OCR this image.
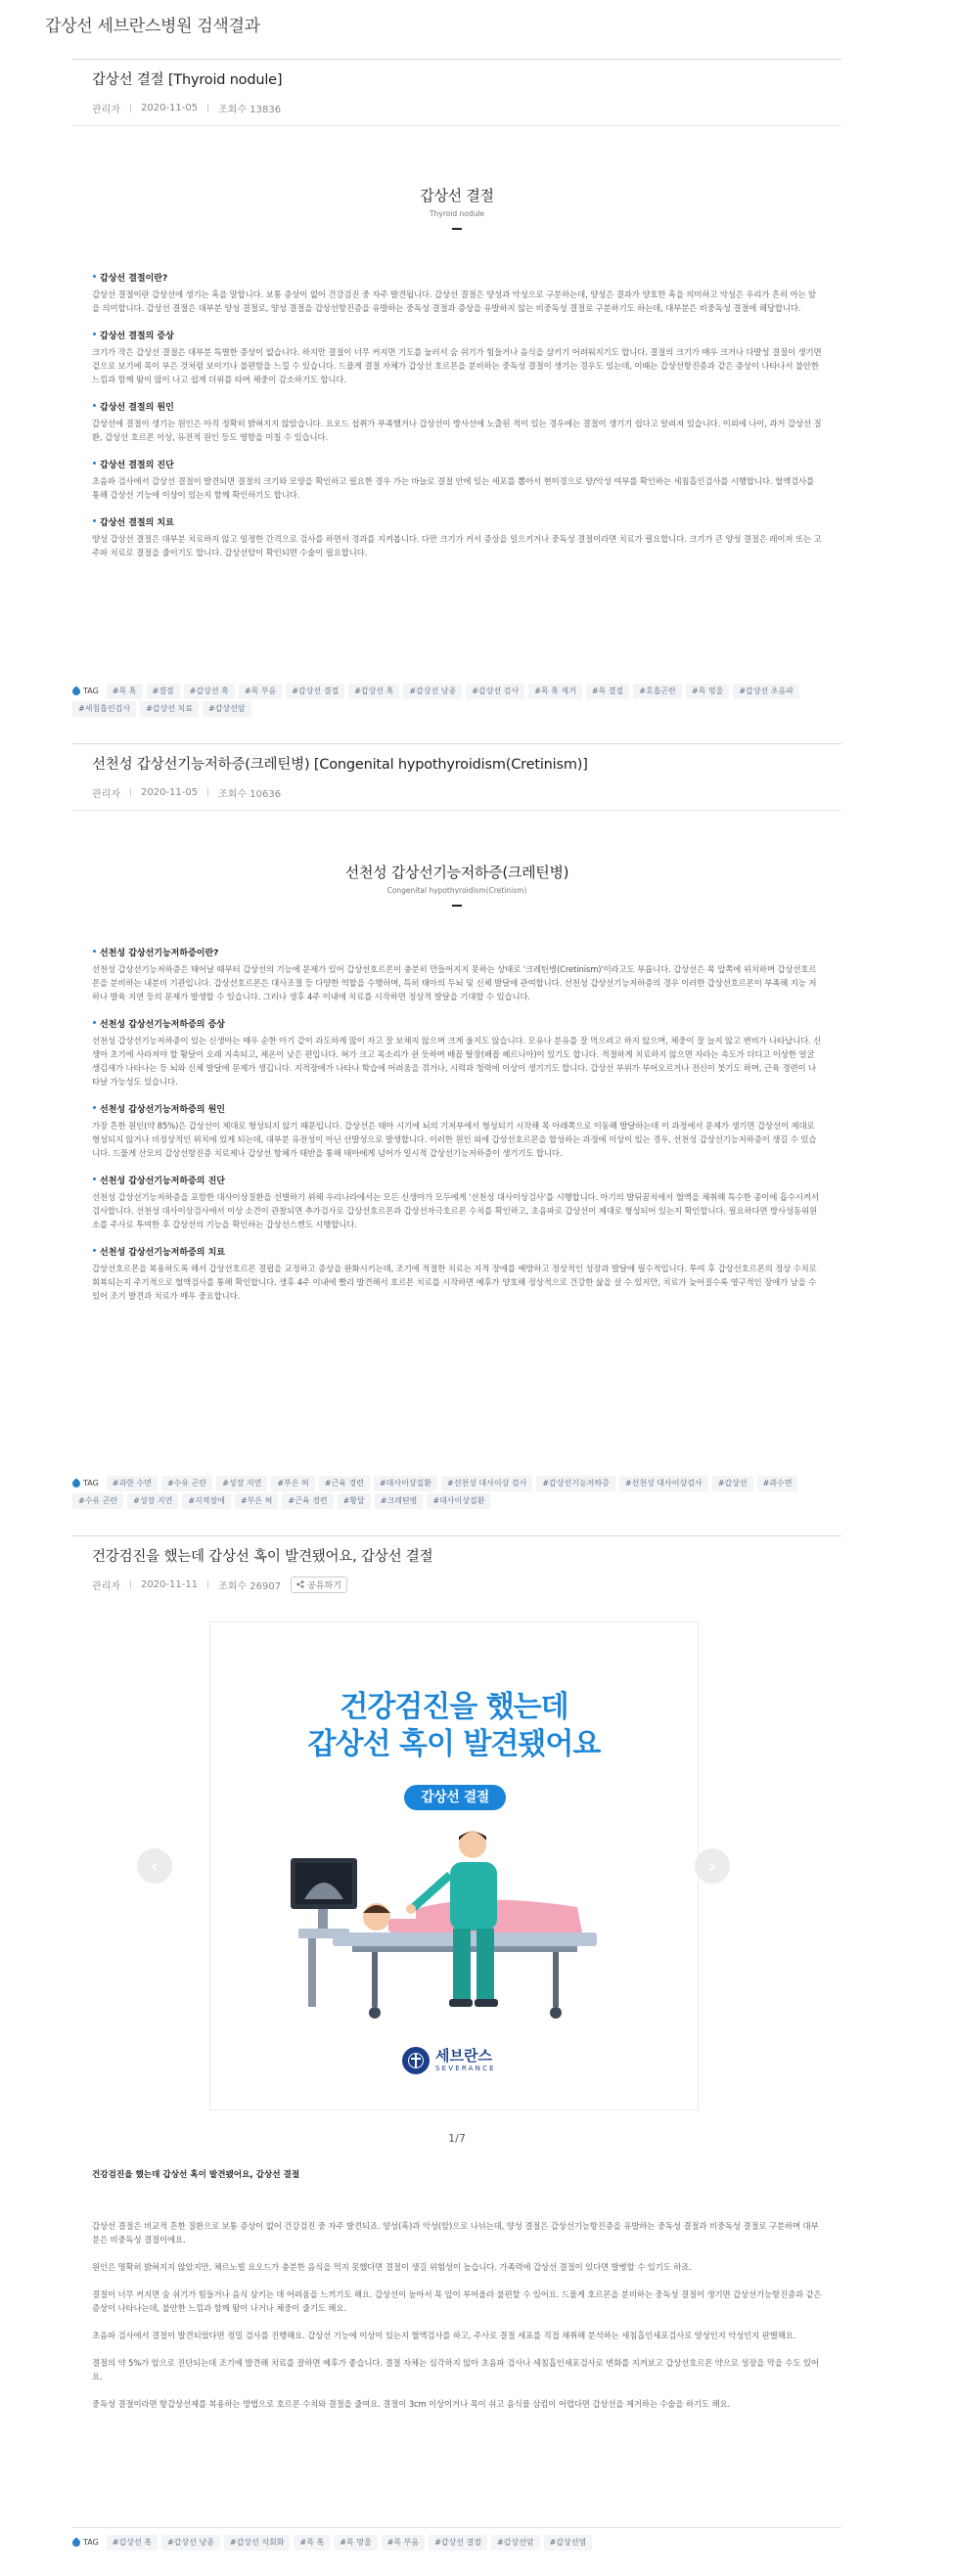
갑상선 세브란스병원 검색결과
갑상선 결절 [Thyroid nodule]
관리자 2020-11-05 조회수 13836
갑상선 결절
Thyroid nodule
갑상선 결절이란?
갑상선 결절이란 갑상선에 생기는 혹을 말합니다. 보통 증상이 없어 건강검진 중 자주 발견됩니다. 갑상선 결절은 양성과 악성으로 구분하는데, 양성은 결과가 양호한 혹을 의미하고 악성은 우리가 흔히 아는 암을 의미합니다. 갑상선 결절은 대부분 양성 결절로, 양성 결절을 갑상선항진증을 유발하는 중독성 결절과 증상을 유발하지 않는 비중독성 결절로 구분하기도 하는데, 대부분은 비중독성 결절에 해당합니다.
갑상선 결절의 증상
크기가 작은 갑상선 결절은 대부분 특별한 증상이 없습니다. 하지만 결절이 너무 커지면 기도를 눌러서 숨 쉬기가 힘들거나 음식을 삼키기 어려워지기도 합니다. 결절의 크기가 매우 크거나 다발성 결절이 생기면 겉으로 보기에 목이 부은 것처럼 보이기나 불편함을 느낄 수 있습니다. 드물게 결절 자체가 갑상선 호르몬을 분비하는 중독성 결절이 생기는 경우도 있는데, 이때는 갑상선항진증과 같은 증상이 나타나서 불안한 느낌과 함께 땀이 많이 나고 쉽게 더위를 타며 체중이 감소하기도 합니다.
갑상선 결절의 원인
갑상선에 결절이 생기는 원인은 아직 정확히 밝혀지지 않았습니다. 요오드 섭취가 부족했거나 갑상선이 방사선에 노출된 적이 있는 경우에는 결절이 생기기 쉽다고 알려져 있습니다. 이외에 나이, 과거 갑상선 질환, 갑상선 호르몬 이상, 유전적 원인 등도 영향을 미칠 수 있습니다.
갑상선 결절의 진단
초음파 검사에서 갑상선 결절이 발견되면 결절의 크기와 모양을 확인하고 필요한 경우 가는 바늘로 결절 안에 있는 세포를 뽑아서 현미경으로 양/악성 여부를 확인하는 세침흡인검사를 시행합니다. 혈액검사를 통해 갑상선 기능에 이상이 있는지 함께 확인하기도 합니다.
갑상선 결절의 치료
양성 갑상선 결절은 대부분 치료하지 않고 일정한 간격으로 검사를 하면서 경과를 지켜봅니다. 다만 크기가 커서 증상을 일으키거나 중독성 결절이라면 치료가 필요합니다. 크기가 큰 양성 결절은 레이저 또는 고주파 치료로 결절을 줄이기도 합니다. 갑상선암이 확인되면 수술이 필요합니다.
TAG	#목 혹	#결절	#갑상선 혹	#목 부음	#갑상선 결절	#갑상선 혹	#갑상선 낭종	#갑상선 검사	#목 혹 제거	#목 결절	#호흡곤란	#목 멍울	#갑상선 초음파
#세침흡인검사	#갑상선 치료	#갑상선암
선천성 갑상선기능저하증(크레틴병) [Congenital hypothyroidism(Cretinism)]
관리자 2020-11-05 조회수 10636
선천성 갑상선기능저하증(크레틴병)
Congenital hypothyroidism(Cretinism)
선천성 갑상선기능저하증이란?
선천성 갑상선기능저하증은 태어날 때부터 갑상선의 기능에 문제가 있어 갑상선호르몬이 충분히 만들어지지 못하는 상태로 '크레틴병(Cretinism)'이라고도 부릅니다. 갑상선은 목 앞쪽에 위치하며 갑상선호르몬을 분비하는 내분비 기관입니다. 갑상선호르몬은 대사조절 등 다양한 역할을 수행하며, 특히 태아의 두뇌 및 신체 발달에 관여합니다. 선천성 갑상선기능저하증의 경우 이러한 갑상선호르몬이 부족해 지능 저하나 발육 지연 등의 문제가 발생할 수 있습니다. 그러나 생후 4주 이내에 치료를 시작하면 정상적 발달을 기대할 수 있습니다.
선천성 갑상선기능저하증의 증상
선천성 갑상선기능저하증이 있는 신생아는 매우 순한 아기 같이 과도하게 많이 자고 잘 보채지 않으며 크게 울지도 않습니다. 모유나 분유를 잘 먹으려고 하지 않으며, 체중이 잘 늘지 않고 변비가 나타납니다. 신생아 초기에 사라져야 할 황달이 오래 지속되고, 체온이 낮은 편입니다. 혀가 크고 목소리가 쉰 듯하며 배꼽 탈장(배꼽 헤르니아)이 있기도 합니다. 적절하게 치료하지 않으면 자라는 속도가 더디고 이상한 얼굴 생김새가 나타나는 등 뇌와 신체 발달에 문제가 생깁니다. 지적장애가 나타나 학습에 어려움을 겪거나, 시력과 청력에 이상이 생기기도 합니다. 갑상선 부위가 부어오르거나 전신이 붓기도 하며, 근육 경련이 나타날 가능성도 있습니다.
선천성 갑상선기능저하증의 원인
가장 흔한 원인(약 85%)은 갑상선이 제대로 형성되지 않기 때문입니다. 갑상선은 태아 시기에 뇌의 기저부에서 형성되기 시작해 목 아래쪽으로 이동해 발달하는데 이 과정에서 문제가 생기면 갑상선이 제대로 형성되지 않거나 비정상적인 위치에 있게 되는데, 대부분 유전성이 아닌 산발성으로 발생합니다. 이러한 원인 외에 갑상선호르몬을 합성하는 과정에 이상이 있는 경우, 선천성 갑상선기능저하증이 생길 수 있습니다. 드물게 산모의 갑상선항진증 치료제나 갑상선 항체가 태반을 통해 태아에게 넘어가 일시적 갑상선기능저하증이 생기기도 합니다.
선천성 갑상선기능저하증의 진단
선천성 갑상선기능저하증을 포함한 대사이상질환을 선별하기 위해 우리나라에서는 모든 신생아가 모두에게 '선천성 대사이상검사'를 시행합니다. 아기의 발뒤꿈치에서 혈액을 채취해 특수한 종이에 흡수시켜서 검사합니다. 선천성 대사이상검사에서 이상 소견이 관찰되면 추가검사로 갑상선호르몬과 갑상선자극호르몬 수치를 확인하고, 초음파로 갑상선이 제대로 형성되어 있는지 확인합니다. 필요하다면 방사성동위원소를 주사로 투여한 후 갑상선의 기능을 확인하는 갑상선스캔도 시행합니다.
선천성 갑상선기능저하증의 치료
갑상선호르몬을 복용하도록 해서 갑상선호르몬 결핍을 교정하고 증상을 완화시키는데, 조기에 적절한 치료는 지적 장애를 예방하고 정상적인 성장과 발달에 필수적입니다. 투여 후 갑상선호르몬의 정상 수치로 회복되는지 주기적으로 혈액검사를 통해 확인합니다. 생후 4주 이내에 빨리 발견해서 호르몬 치료를 시작하면 예후가 양호해 정상적으로 건강한 삶을 살 수 있지만, 치료가 늦어질수록 영구적인 장애가 남을 수 있어 조기 발견과 치료가 매우 중요합니다.
TAG	#과한 수면	#수유 곤란	#성장 지연	#부은 혀	#근육 경련	#대사이상질환	#선천성 대사이상 검사	#갑상선기능저하증	#선천성 대사이상검사	#갑상선	#과수면
#수유 곤란	#성장 지연	#지적장애	#부은 혀	#근육 경련	#황달	#크레틴병	#대사이상질환
건강검진을 했는데 갑상선 혹이 발견됐어요, 갑상선 결절
관리자 2020-11-11 조회수 26907	공유하기
건강검진을 했는데
갑상선 혹이 발견됐어요
갑상선 결절
세브란스
SEVERANCE
‹	›
1/7
건강검진을 했는데 갑상선 혹이 발견됐어요, 갑상선 결절

갑상선 결절은 비교적 흔한 질환으로 보통 증상이 없어 건강검진 중 자주 발견되죠. 양성(혹)과 악성(암)으로 나뉘는데, 양성 결절은 갑상선기능항진증을 유발하는 중독성 결절과 비중독성 결절로 구분하며 대부분은 비중독성 결절이에요.

원인은 명확히 밝혀지지 않았지만, 체르노빌 요오드가 충분한 음식을 먹지 못했다면 결절이 생길 위험성이 높습니다. 가족력에 갑상선 결절이 있다면 발병할 수 있기도 하죠.

결절이 너무 커지면 숨 쉬기가 힘들거나 음식 삼키는 데 어려움을 느끼기도 해요. 갑상선이 높아서 목 앞이 부어올라 불편할 수 있어요. 드물게 호르몬을 분비하는 중독성 결절이 생기면 갑상선기능항진증과 같은 증상이 나타나는데, 불안한 느낌과 함께 땀이 나거나 체중이 줄기도 해요.

초음파 검사에서 결절이 발견되었다면 정밀 검사를 진행해요. 갑상선 기능에 이상이 있는지 혈액검사를 하고, 주사로 결절 세포를 직접 채취해 분석하는 세침흡인세포검사로 양성인지 악성인지 판별해요.

결절의 약 5%가 암으로 진단되는데 조기에 발견해 치료를 잘하면 예후가 좋습니다. 결절 자체는 심각하지 않아 초음파 검사나 세침흡인세포검사로 변화를 지켜보고 갑상선호르몬 약으로 성장을 막을 수도 있어요.

중독성 결절이라면 항갑상선제를 복용하는 방법으로 호르몬 수치와 결절을 줄여요. 결절이 3cm 이상이거나 목이 쉬고 음식물 삼킴이 어렵다면 갑상선을 제거하는 수술을 하기도 해요.

TAG	#갑상선 혹	#갑상선 낭종	#갑상선 석회화	#목 혹	#목 멍울	#목 부음	#갑상선 결절	#갑상선암	#갑상선염
